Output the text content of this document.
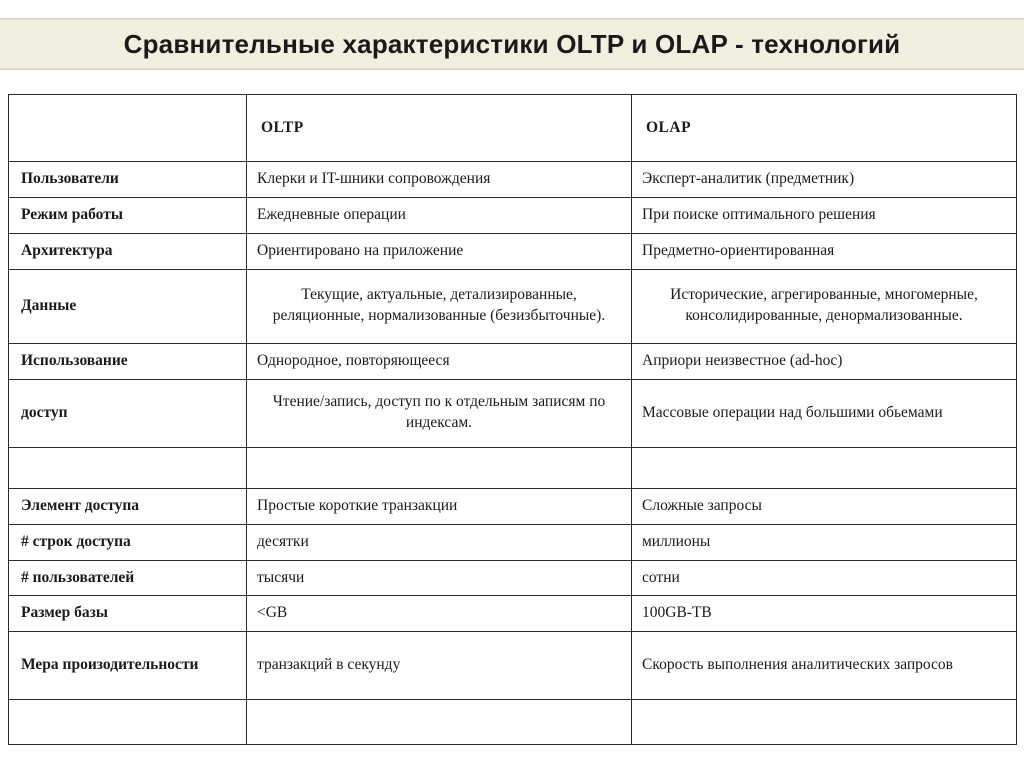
Сравнительные характеристики OLTP и OLAP - технологий
	OLTP	OLAP
Пользователи	Клерки и IT-шники сопровождения	Эксперт-аналитик (предметник)
Режим работы	Ежедневные операции	При поиске оптимального решения
Архитектура	Ориентировано на приложение	Предметно-ориентированная
Данные	Текущие, актуальные, детализированные, реляционные, нормализованные (безизбыточные).	Исторические, агрегированные, многомерные, консолидированные, денормализованные.
Использование	Однородное, повторяющееся	Априори неизвестное (ad-hoc)
доступ	Чтение/запись, доступ по к отдельным записям по индексам.	Массовые операции над большими обьемами

Элемент доступа	Простые короткие транзакции	Сложные запросы
# строк доступа	десятки	миллионы
# пользователей	тысячи	сотни
Размер базы	<GB	100GB-TB
Мера произодительности	транзакций в секунду	Скорость выполнения аналитических запросов
